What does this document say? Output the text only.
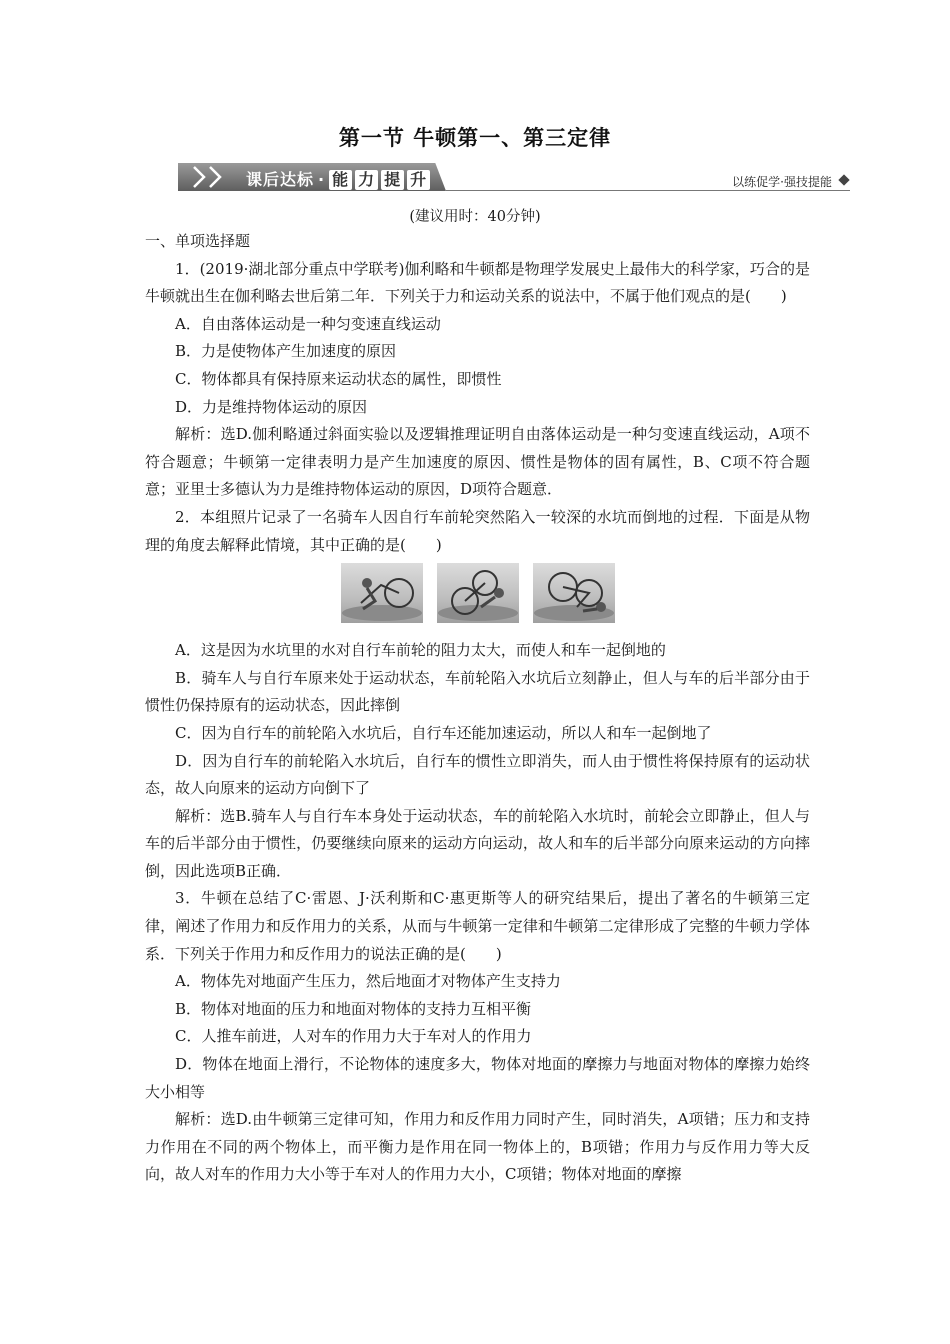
第一节 牛顿第一、第三定律
课后达标 · 能 力 提 升	以练促学·强技提能
(建议用时：40分钟)

一、单项选择题

1．(2019·湖北部分重点中学联考)伽利略和牛顿都是物理学发展史上最伟大的科学家，巧合的是牛顿就出生在伽利略去世后第二年．下列关于力和运动关系的说法中，不属于他们观点的是(　　)

A．自由落体运动是一种匀变速直线运动

B．力是使物体产生加速度的原因

C．物体都具有保持原来运动状态的属性，即惯性

D．力是维持物体运动的原因

解析：选D.伽利略通过斜面实验以及逻辑推理证明自由落体运动是一种匀变速直线运动，A项不符合题意；牛顿第一定律表明力是产生加速度的原因、惯性是物体的固有属性，B、C项不符合题意；亚里士多德认为力是维持物体运动的原因，D项符合题意．

2．本组照片记录了一名骑车人因自行车前轮突然陷入一较深的水坑而倒地的过程．下面是从物理的角度去解释此情境，其中正确的是(　　)

A．这是因为水坑里的水对自行车前轮的阻力太大，而使人和车一起倒地的

B．骑车人与自行车原来处于运动状态，车前轮陷入水坑后立刻静止，但人与车的后半部分由于惯性仍保持原有的运动状态，因此摔倒

C．因为自行车的前轮陷入水坑后，自行车还能加速运动，所以人和车一起倒地了

D．因为自行车的前轮陷入水坑后，自行车的惯性立即消失，而人由于惯性将保持原有的运动状态，故人向原来的运动方向倒下了

解析：选B.骑车人与自行车本身处于运动状态，车的前轮陷入水坑时，前轮会立即静止，但人与车的后半部分由于惯性，仍要继续向原来的运动方向运动，故人和车的后半部分向原来运动的方向摔倒，因此选项B正确．

3．牛顿在总结了C·雷恩、J·沃利斯和C·惠更斯等人的研究结果后，提出了著名的牛顿第三定律，阐述了作用力和反作用力的关系，从而与牛顿第一定律和牛顿第二定律形成了完整的牛顿力学体系．下列关于作用力和反作用力的说法正确的是(　　)

A．物体先对地面产生压力，然后地面才对物体产生支持力

B．物体对地面的压力和地面对物体的支持力互相平衡

C．人推车前进，人对车的作用力大于车对人的作用力

D．物体在地面上滑行，不论物体的速度多大，物体对地面的摩擦力与地面对物体的摩擦力始终大小相等

解析：选D.由牛顿第三定律可知，作用力和反作用力同时产生，同时消失，A项错；压力和支持力作用在不同的两个物体上，而平衡力是作用在同一物体上的，B项错；作用力与反作用力等大反向，故人对车的作用力大小等于车对人的作用力大小，C项错；物体对地面的摩擦
